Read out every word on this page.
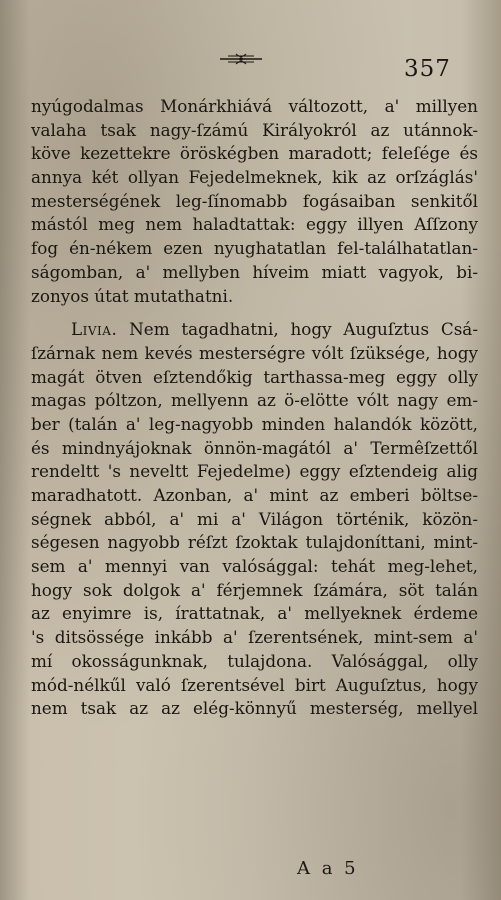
357
nyúgodalmas Monárkhiává változott, a' millyen
valaha tsak nagy-ſzámú Királyokról az utánnok-
köve kezettekre öröskégben maradott; feleſége és
annya két ollyan Fejedelmeknek, kik az orſzáglás'
mesterségének leg-ſínomabb fogásaiban senkitől
mástól meg nem haladtattak: eggy illyen Aſſzony
fog én-nékem ezen nyughatatlan fel-találhatatlan-
ságomban, a' mellyben híveim miatt vagyok, bi-
zonyos útat mutathatni.
Livia. Nem tagadhatni, hogy Auguſztus Csá-
ſzárnak nem kevés mesterségre vólt ſzüksége, hogy
magát ötven eſztendőkig tarthassa-meg eggy olly
magas póltzon, mellyenn az ö-elötte vólt nagy em-
ber (talán a' leg-nagyobb minden halandók között,
és mindnyájoknak önnön-magától a' Termêſzettől
rendeltt 's neveltt Fejedelme) eggy eſztendeig alig
maradhatott. Azonban, a' mint az emberi böltse-
ségnek abból, a' mi a' Világon történik, közön-
ségesen nagyobb réſzt ſzoktak tulajdoníttani, mint-
sem a' mennyi van valósággal: tehát meg-lehet,
hogy sok dolgok a' férjemnek ſzámára, söt talán
az enyimre is, írattatnak, a' mellyeknek érdeme
's ditsössége inkább a' ſzerentsének, mint-sem a'
mí okosságunknak, tulajdona. Valósággal, olly
mód-nélkűl való ſzerentsével birt Auguſztus, hogy
nem tsak az az elég-könnyű mesterség, mellyel
A a 5
